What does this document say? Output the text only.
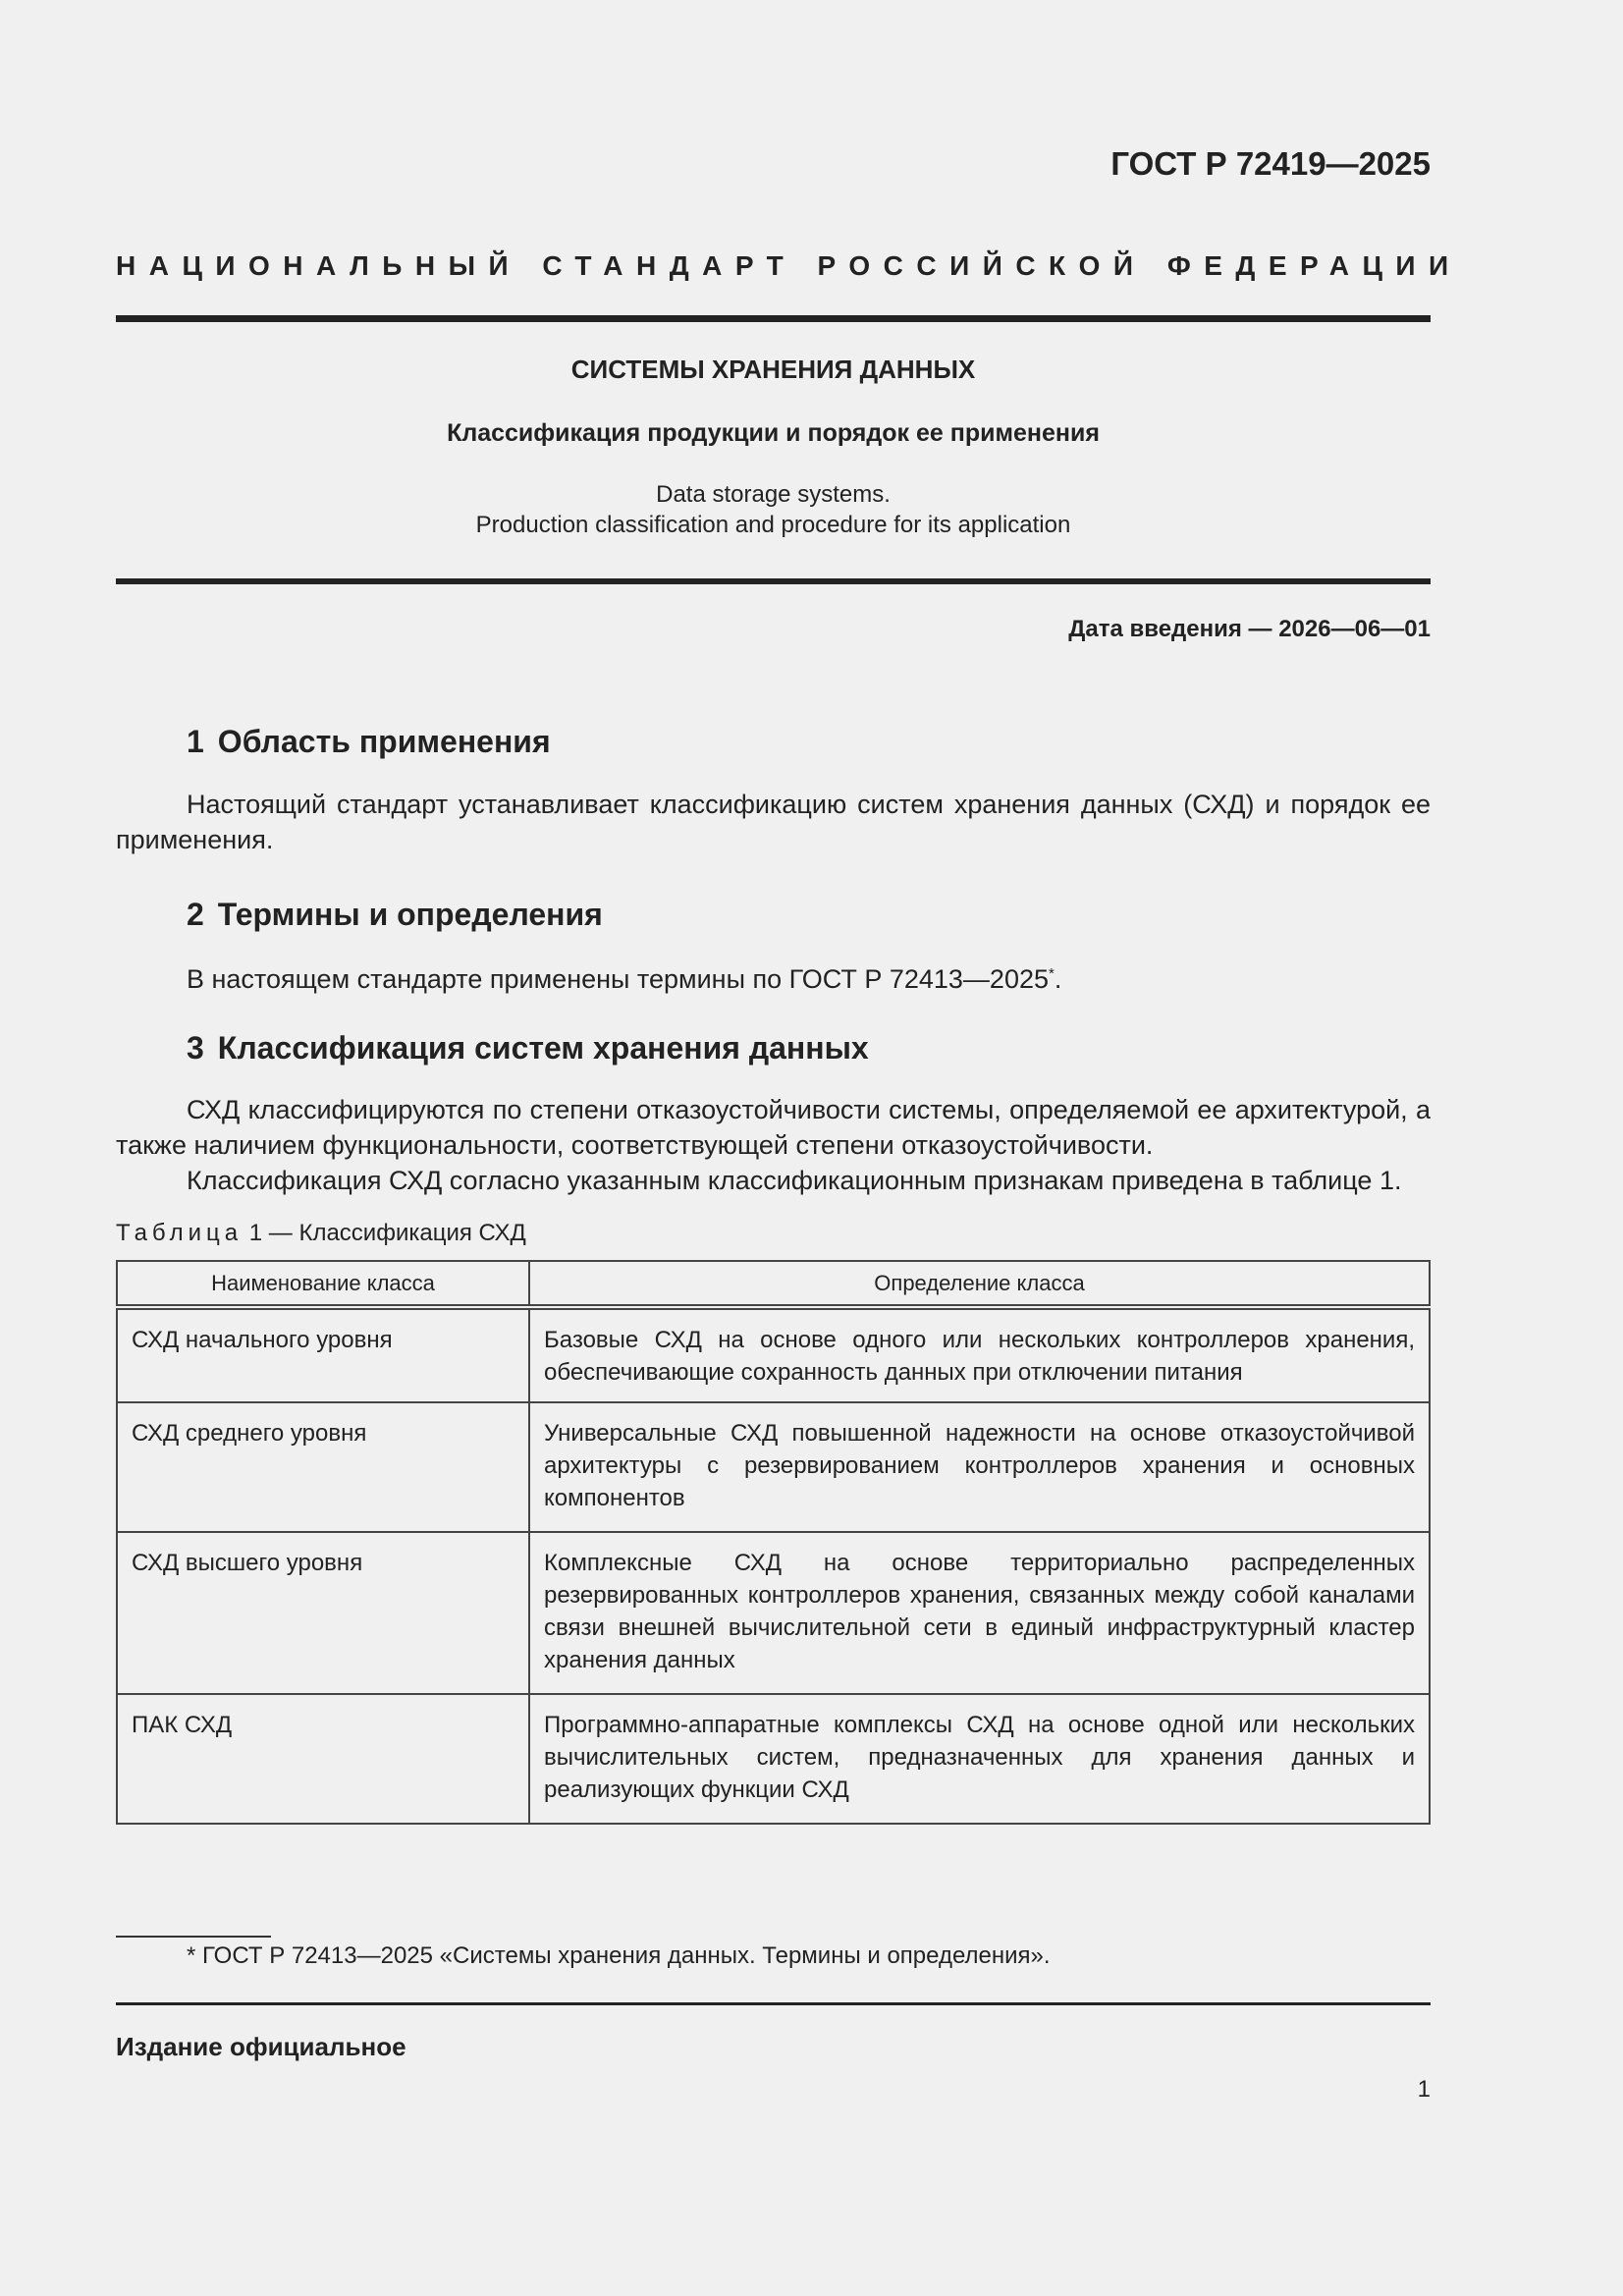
ГОСТ Р 72419—2025
НАЦИОНАЛЬНЫЙ СТАНДАРТ РОССИЙСКОЙ ФЕДЕРАЦИИ
СИСТЕМЫ ХРАНЕНИЯ ДАННЫХ
Классификация продукции и порядок ее применения
Data storage systems.
Production classification and procedure for its application
Дата введения — 2026—06—01
1 Область применения
Настоящий стандарт устанавливает классификацию систем хранения данных (СХД) и порядок ее применения.
2 Термины и определения
В настоящем стандарте применены термины по ГОСТ Р 72413—2025*.
3 Классификация систем хранения данных
СХД классифицируются по степени отказоустойчивости системы, определяемой ее архитектурой, а также наличием функциональности, соответствующей степени отказоустойчивости.
Классификация СХД согласно указанным классификационным признакам приведена в таблице 1.
Таблица 1 — Классификация СХД
Наименование класса	Определение класса
СХД начального уровня	Базовые СХД на основе одного или нескольких контроллеров хранения, обеспечивающие сохранность данных при отключении питания
СХД среднего уровня	Универсальные СХД повышенной надежности на основе отказоустойчивой архитектуры с резервированием контроллеров хранения и основных компонентов
СХД высшего уровня	Комплексные СХД на основе территориально распределенных резервированных контроллеров хранения, связанных между собой каналами связи внешней вычислительной сети в единый инфраструктурный кластер хранения данных
ПАК СХД	Программно-аппаратные комплексы СХД на основе одной или нескольких вычислительных систем, предназначенных для хранения данных и реализующих функции СХД
* ГОСТ Р 72413—2025 «Системы хранения данных. Термины и определения».
Издание официальное
1
